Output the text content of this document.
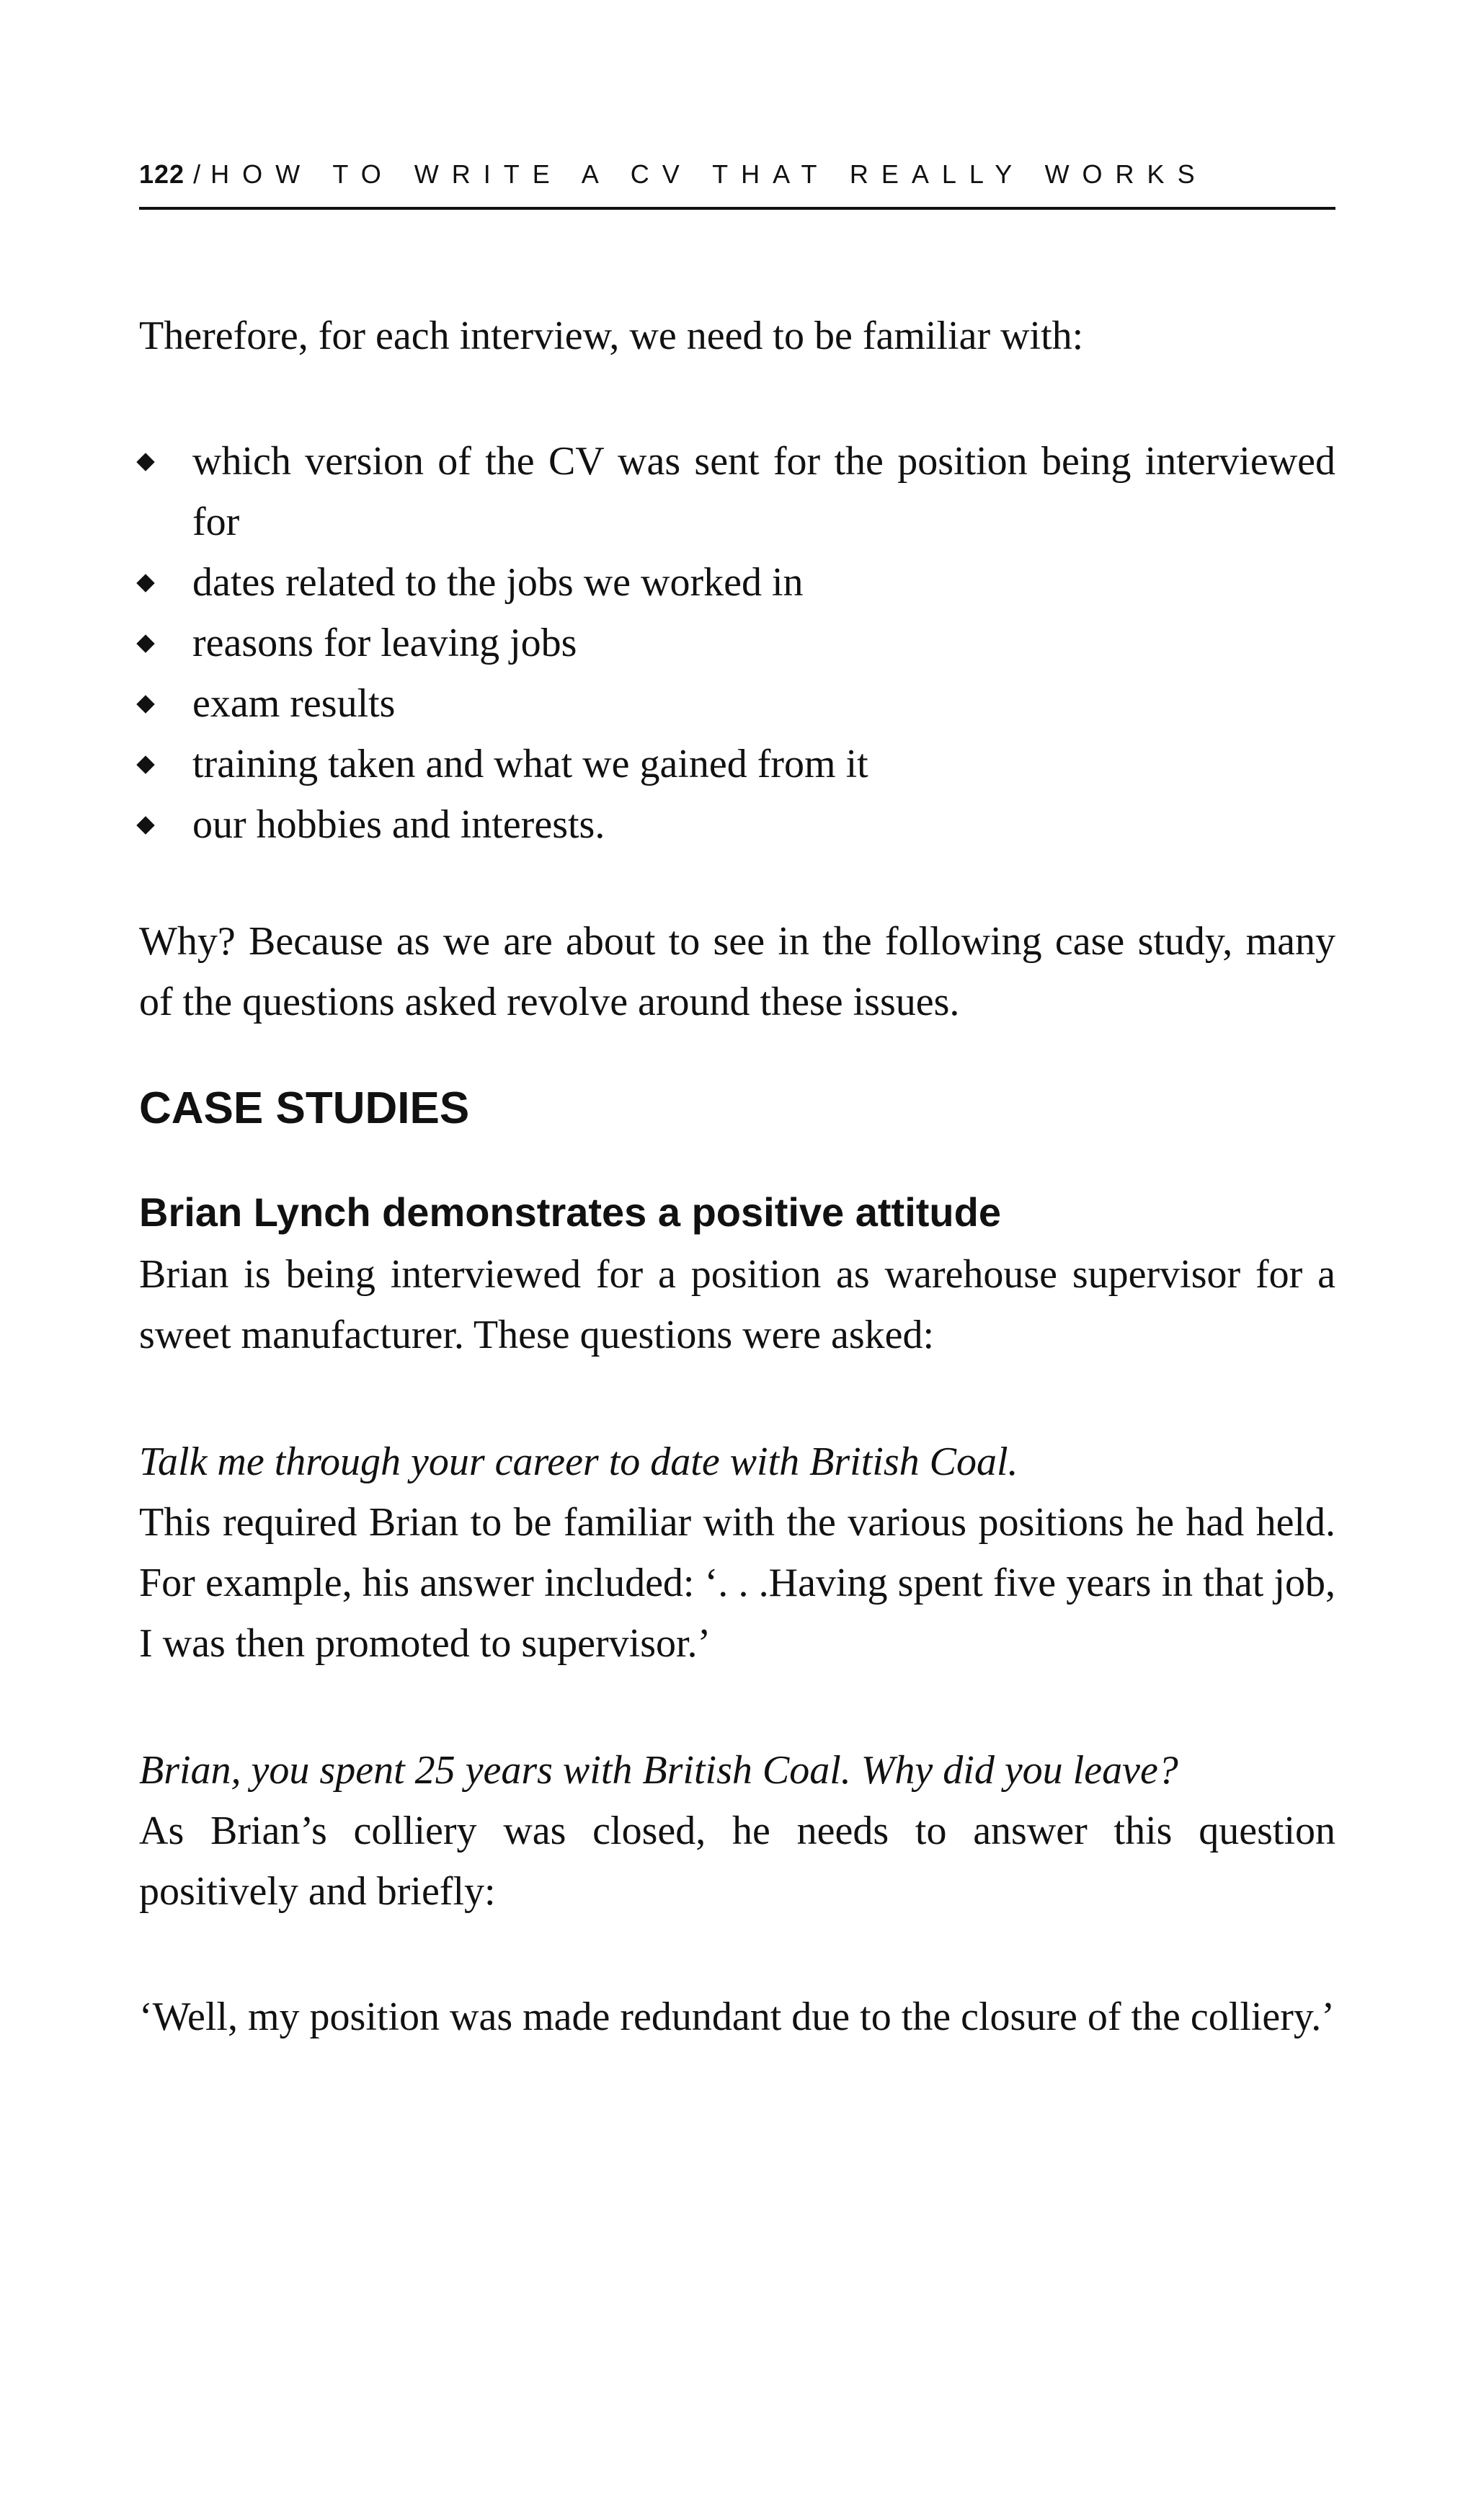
122 / HOW TO WRITE A CV THAT REALLY WORKS

Therefore, for each interview, we need to be familiar with:

which version of the CV was sent for the position being interviewed for
dates related to the jobs we worked in
reasons for leaving jobs
exam results
training taken and what we gained from it
our hobbies and interests.

Why? Because as we are about to see in the following case study, many of the questions asked revolve around these issues.

CASE STUDIES
Brian Lynch demonstrates a positive attitude

Brian is being interviewed for a position as warehouse supervisor for a sweet manufacturer. These questions were asked:

Talk me through your career to date with British Coal.

This required Brian to be familiar with the various positions he had held. For example, his answer included: ‘. . .Having spent five years in that job, I was then promoted to supervisor.’

Brian, you spent 25 years with British Coal. Why did you leave?

As Brian’s colliery was closed, he needs to answer this question positively and briefly:

‘Well, my position was made redundant due to the closure of the colliery.’
